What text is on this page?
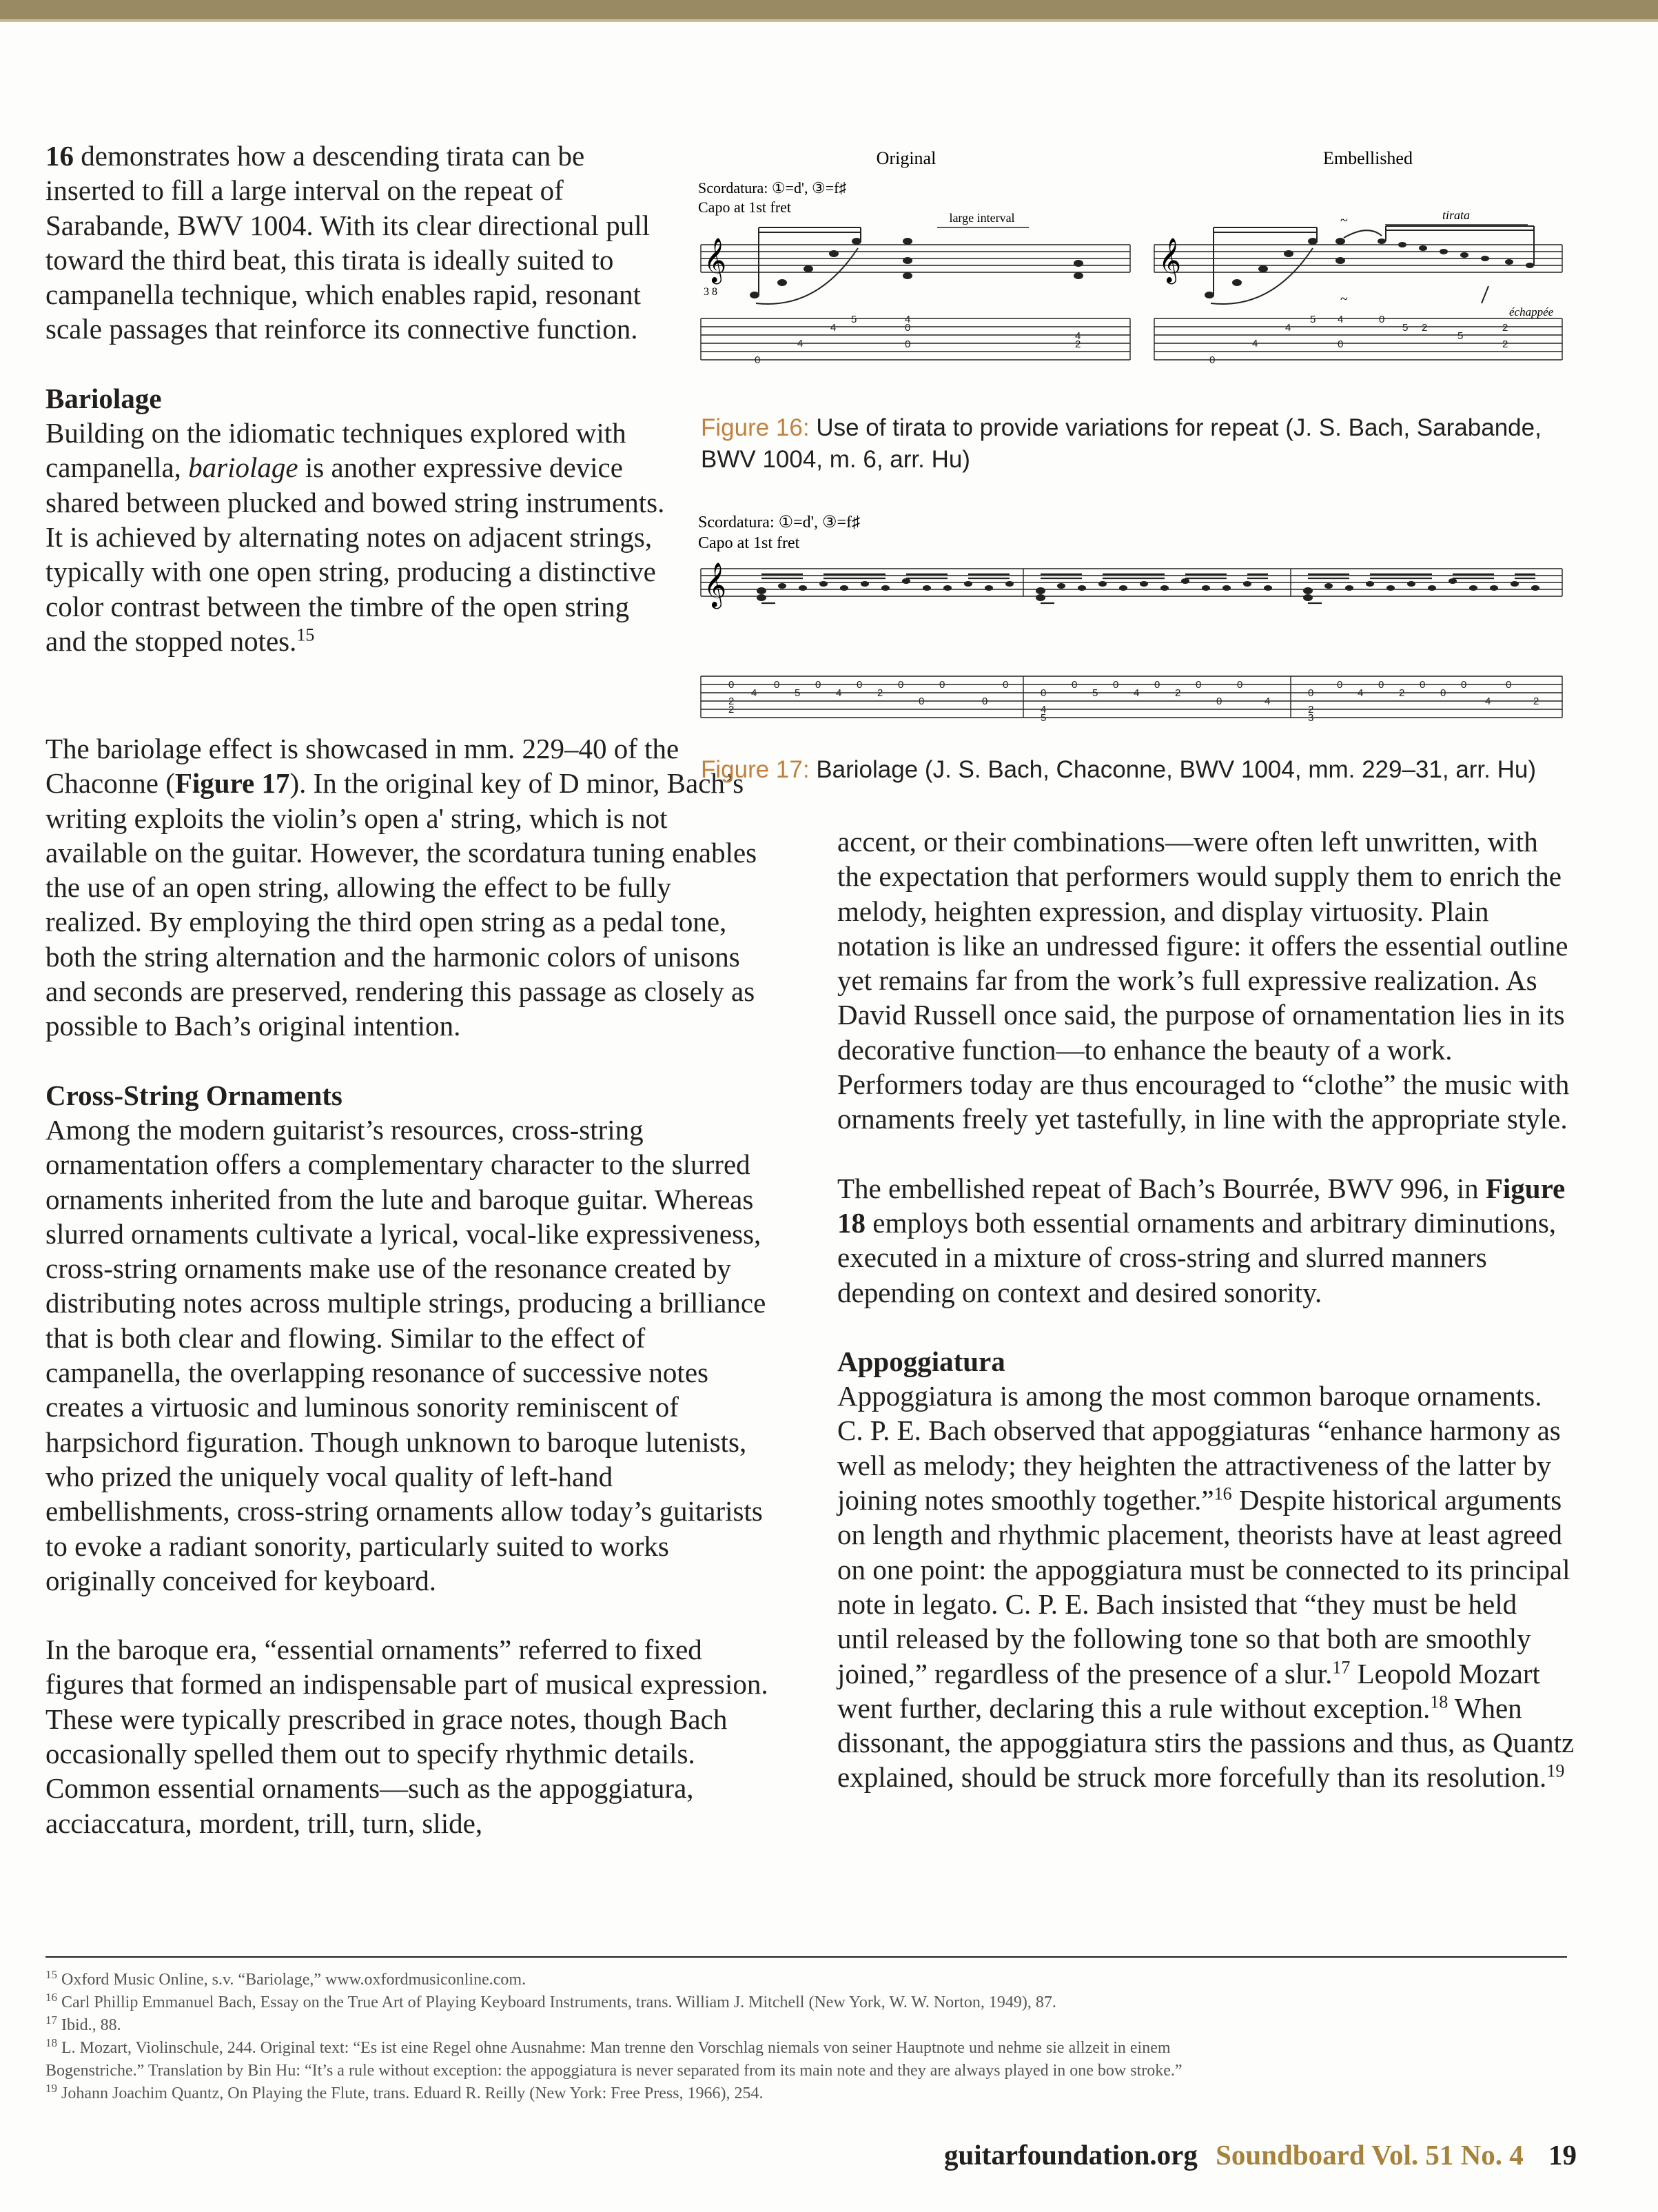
16 demonstrates how a descending tirata can be inserted to fill a large interval on the repeat of Sarabande, BWV 1004. With its clear directional pull toward the third beat, this tirata is ideally suited to campanella technique, which enables rapid, resonant scale passages that reinforce its connective function.

Bariolage

Building on the idiomatic techniques explored with campanella, bariolage is another expressive device shared between plucked and bowed string instruments. It is achieved by alternating notes on adjacent strings, typically with one open string, producing a distinctive color contrast between the timbre of the open string and the stopped notes.$^{15}$

The bariolage effect is showcased in mm. 229–40 of the Chaconne (Figure 17). In the original key of D minor, Bach’s writing exploits the violin’s open a' string, which is not available on the guitar. However, the scordatura tuning enables the use of an open string, allowing the effect to be fully realized. By employing the third open string as a pedal tone, both the string alternation and the harmonic colors of unisons and seconds are preserved, rendering this passage as closely as possible to Bach’s original intention.

Cross-String Ornaments

Among the modern guitarist’s resources, cross-string ornamentation offers a complementary character to the slurred ornaments inherited from the lute and baroque guitar. Whereas slurred ornaments cultivate a lyrical, vocal-like expressiveness, cross-string ornaments make use of the resonance created by distributing notes across multiple strings, producing a brilliance that is both clear and flowing. Similar to the effect of campanella, the overlapping resonance of successive notes creates a virtuosic and luminous sonority reminiscent of harpsichord figuration. Though unknown to baroque lutenists, who prized the uniquely vocal quality of left-hand embellishments, cross-string ornaments allow today’s guitarists to evoke a radiant sonority, particularly suited to works originally conceived for keyboard.

In the baroque era, “essential ornaments” referred to fixed figures that formed an indispensable part of musical expression. These were typically prescribed in grace notes, though Bach occasionally spelled them out to specify rhythmic details. Common essential ornaments—such as the appoggiatura, acciaccatura, mordent, trill, turn, slide,

accent, or their combinations—were often left unwritten, with the expectation that performers would supply them to enrich the melody, heighten expression, and display virtuosity. Plain notation is like an undressed figure: it offers the essential outline yet remains far from the work’s full expressive realization. As David Russell once said, the purpose of ornamentation lies in its decorative function—to enhance the beauty of a work. Performers today are thus encouraged to “clothe” the music with ornaments freely yet tastefully, in line with the appropriate style.

The embellished repeat of Bach’s Bourrée, BWV 996, in Figure 18 employs both essential ornaments and arbitrary diminutions, executed in a mixture of cross-string and slurred manners depending on context and desired sonority.

Appoggiatura

Appoggiatura is among the most common baroque ornaments. C. P. E. Bach observed that appoggiaturas “enhance harmony as well as melody; they heighten the attractiveness of the latter by joining notes smoothly together.”$^{16}$ Despite historical arguments on length and rhythmic placement, theorists have at least agreed on one point: the appoggiatura must be connected to its principal note in legato. C. P. E. Bach insisted that “they must be held until released by the following tone so that both are smoothly joined,” regardless of the presence of a slur.$^{17}$ Leopold Mozart went further, declaring this a rule without exception.$^{18}$ When dissonant, the appoggiatura stirs the passions and thus, as Quantz explained, should be struck more forcefully than its resolution.$^{19}$

Original	Embellished
Scordatura: ①=d', ③=f♯
Capo at 1st fret
large interval	tirata
𝄞	𝄞
3 8
échappée
~
~
0
4
4
5	4
0
0
4
2
0
4
4
5 4
0
0
5 2
5
2
2
Figure 16: Use of tirata to provide variations for repeat (J. S. Bach, Sarabande, BWV 1004, m. 6, arr. Hu)
Scordatura: ①=d', ③=f♯
Capo at 1st fret
𝄞
0
2
2
4
0
5
0
4
0
2
0
0
0
0
0
0
4
5
0
5
0
4
0
2
0
0
0
4
0
2
3
0
4
0
2
0
0
0
4
0
2
Figure 17: Bariolage (J. S. Bach, Chaconne, BWV 1004, mm. 229–31, arr. Hu)
$^{15}$ Oxford Music Online, s.v. “Bariolage,” www.oxfordmusiconline.com.
$^{16}$ Carl Phillip Emmanuel Bach, Essay on the True Art of Playing Keyboard Instruments, trans. William J. Mitchell (New York, W. W. Norton, 1949), 87.
$^{17}$ Ibid., 88.
$^{18}$ L. Mozart, Violinschule, 244. Original text: “Es ist eine Regel ohne Ausnahme: Man trenne den Vorschlag niemals von seiner Hauptnote und nehme sie allzeit in einem
Bogenstriche.” Translation by Bin Hu: “It’s a rule without exception: the appoggiatura is never separated from its main note and they are always played in one bow stroke.”
$^{19}$ Johann Joachim Quantz, On Playing the Flute, trans. Eduard R. Reilly (New York: Free Press, 1966), 254.
guitarfoundation.org Soundboard Vol. 51 No. 4 19
